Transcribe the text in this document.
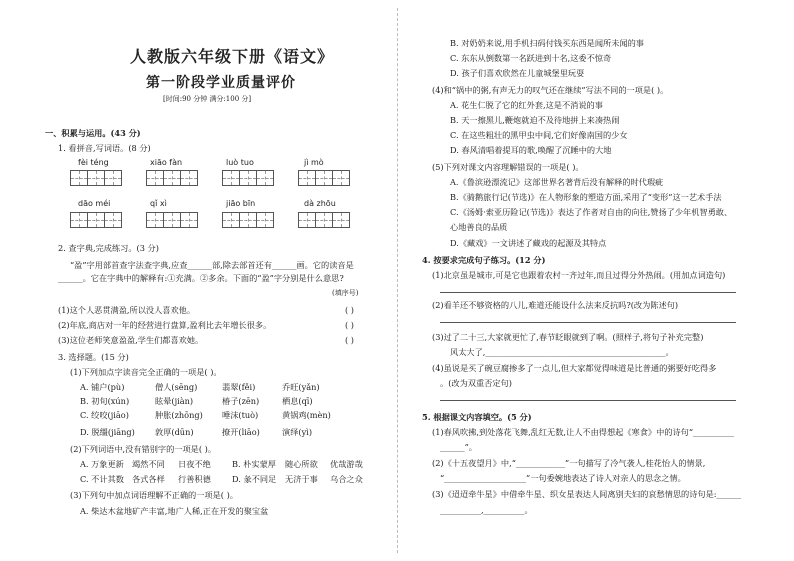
人教版六年级下册《语文》
第一阶段学业质量评价
[时间:90 分钟 满分:100 分]
一、积累与运用。(43 分)
1. 看拼音,写词语。(8 分)
fèi téng	xiāo fàn	luò tuo	jì mò
dāo méi	qǐ xì	jiāo bīn	dà zhōu
2. 查字典,完成练习。(3 分)
“盈”字用部首查字法查字典,应查______部,除去部首还有______画。它的读音是
______。它在字典中的解释有:①充满。②多余。下面的“盈”字分别是什么意思?
(填序号)
(1)这个人恶贯满盈,所以没人喜欢他。	( )
(2)年底,商店对一年的经营进行盘算,盈利比去年增长很多。	( )
(3)这位老师笑意盈盈,学生们都喜欢她。	( )
3. 选择题。(15 分)
(1)下列加点字读音完全正确的一项是( )。
A. 铺户(pù)	僧人(sēng)	翡翠(fěi)	乔旺(yǎn)
B. 初旬(xún)	眩晕(jiàn)	椿子(zēn)	栖息(qī)
C. 绞咬(jiāo)	肿胀(zhōng) 唾沫(tuò)	黄锅鸡(mèn)
D. 脱缰(jiāng) 敦厚(dūn)	撩开(liāo)	演绎(yì)
(2)下列词语中,没有错别字的一项是( )。
A. 万象更新 竭然不同 日夜不绝	B. 朴实蒙厚 随心所欲 优哉游哉
C. 不计其数 各式各样 行善积德	D. 彖不同足 无济于事 乌合之众
(3)下列句中加点词语理解不正确的一项是( )。
A. 柴达木盆地矿产丰富,地广人稀,正在开发的聚宝盆
B. 对奶奶来说,用手机扫码付钱买东西是闻所未闻的事
C. 东东从倒数第一名跃进到十名,这委不惊奇
D. 孩子们喜欢欣然在儿童城堡里玩耍
(4)和“锅中的粥,有声无力的叹气还在继续”写法不同的一项是( )。
A. 花生仁脱了它的红外套,这是不消说的事
B. 天一擦黑儿,鞭炮就迫不及待地拼上来凑热闹
C. 在这些粗壮的黑甲虫中间,它们好像南国的少女
D. 春风清唱着提耳的歌,唤醒了沉睡中的大地
(5)下列对课文内容理解错误的一项是( )。
A.《鲁滨逊漂流记》这部世界名著背后没有解释的时代瑕疵
B.《骑鹅旅行记(节选)》在人物形象的塑造方面,采用了“变形”这一艺术手法
C.《汤姆·索亚历险记(节选)》表达了作者对自由的向往,赞扬了少年机智勇敢、
心地善良的品质
D.《藏戏》一文讲述了藏戏的起源及其特点
4. 按要求完成句子练习。(12 分)
(1)北京虽是城市,可是它也跟着农村一齐过年,而且过得分外热闹。(用加点词造句)
(2)看羊还不够资格的八儿,难道还能设什么法来反抗吗?(改为陈述句)
(3)过了二十三,大家就更忙了,春节眨眼就到了啊。(照样子,将句子补充完整)
风太大了,____________________________________________。
(4)虽说是买了碗豆腐掺多了一点儿,但大家都觉得味道是比普通的粥要好吃得多
。(改为双重否定句)
5. 根据课文内容填空。(5 分)
(1)春风吹拂,到处落花飞舞,乱红无数,让人不由得想起《寒食》中的诗句“__________
______”。
(2)《十五夜望月》中,“____________”一句描写了冷气袭人,桂花怡人的情景,
“____________________”一句委婉地表达了诗人对亲人的思念之情。
(3)《迢迢牵牛星》中借牵牛星、织女星表达人间离别夫妇的哀愁情思的诗句是:______
__________,__________。
